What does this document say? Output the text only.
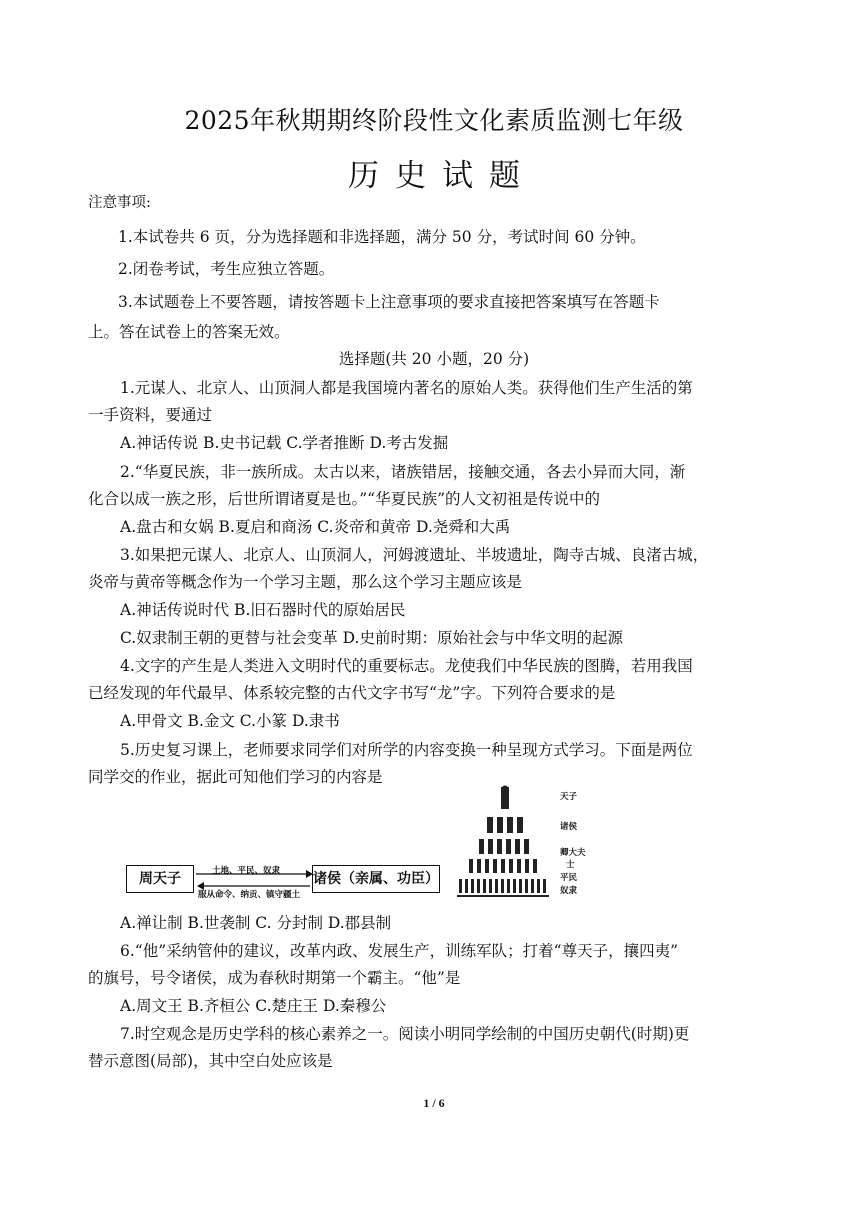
2025年秋期期终阶段性文化素质监测七年级
历史试题
注意事项:
1.本试卷共 6 页，分为选择题和非选择题，满分 50 分，考试时间 60 分钟。
2.闭卷考试，考生应独立答题。
3.本试题卷上不要答题，请按答题卡上注意事项的要求直接把答案填写在答题卡
上。答在试卷上的答案无效。
选择题(共 20 小题，20 分)
1.元谋人、北京人、山顶洞人都是我国境内著名的原始人类。获得他们生产生活的第
一手资料，要通过
A.神话传说 B.史书记载 C.学者推断 D.考古发掘
2.“华夏民族，非一族所成。太古以来，诸族错居，接触交通，各去小异而大同，渐
化合以成一族之形，后世所谓诸夏是也。”“华夏民族”的人文初祖是传说中的
A.盘古和女娲 B.夏启和商汤 C.炎帝和黄帝 D.尧舜和大禹
3.如果把元谋人、北京人、山顶洞人，河姆渡遗址、半坡遗址，陶寺古城、良渚古城，
炎帝与黄帝等概念作为一个学习主题，那么这个学习主题应该是
A.神话传说时代 B.旧石器时代的原始居民
C.奴隶制王朝的更替与社会变革 D.史前时期：原始社会与中华文明的起源
4.文字的产生是人类进入文明时代的重要标志。龙使我们中华民族的图腾，若用我国
已经发现的年代最早、体系较完整的古代文字书写“龙”字。下列符合要求的是
A.甲骨文 B.金文 C.小篆 D.隶书
5.历史复习课上，老师要求同学们对所学的内容变换一种呈现方式学习。下面是两位
同学交的作业，据此可知他们学习的内容是
周天子	诸侯（亲属、功臣）
土地、平民、奴隶
服从命令、纳贡、镇守疆土
天子
诸侯
卿大夫
士
平民
奴隶
A.禅让制 B.世袭制 C. 分封制 D.郡县制
6.“他”采纳管仲的建议，改革内政、发展生产，训练军队；打着“尊天子，攘四夷”
的旗号，号令诸侯，成为春秋时期第一个霸主。“他”是
A.周文王 B.齐桓公 C.楚庄王 D.秦穆公
7.时空观念是历史学科的核心素养之一。阅读小明同学绘制的中国历史朝代(时期)更
替示意图(局部)，其中空白处应该是
1 / 6
